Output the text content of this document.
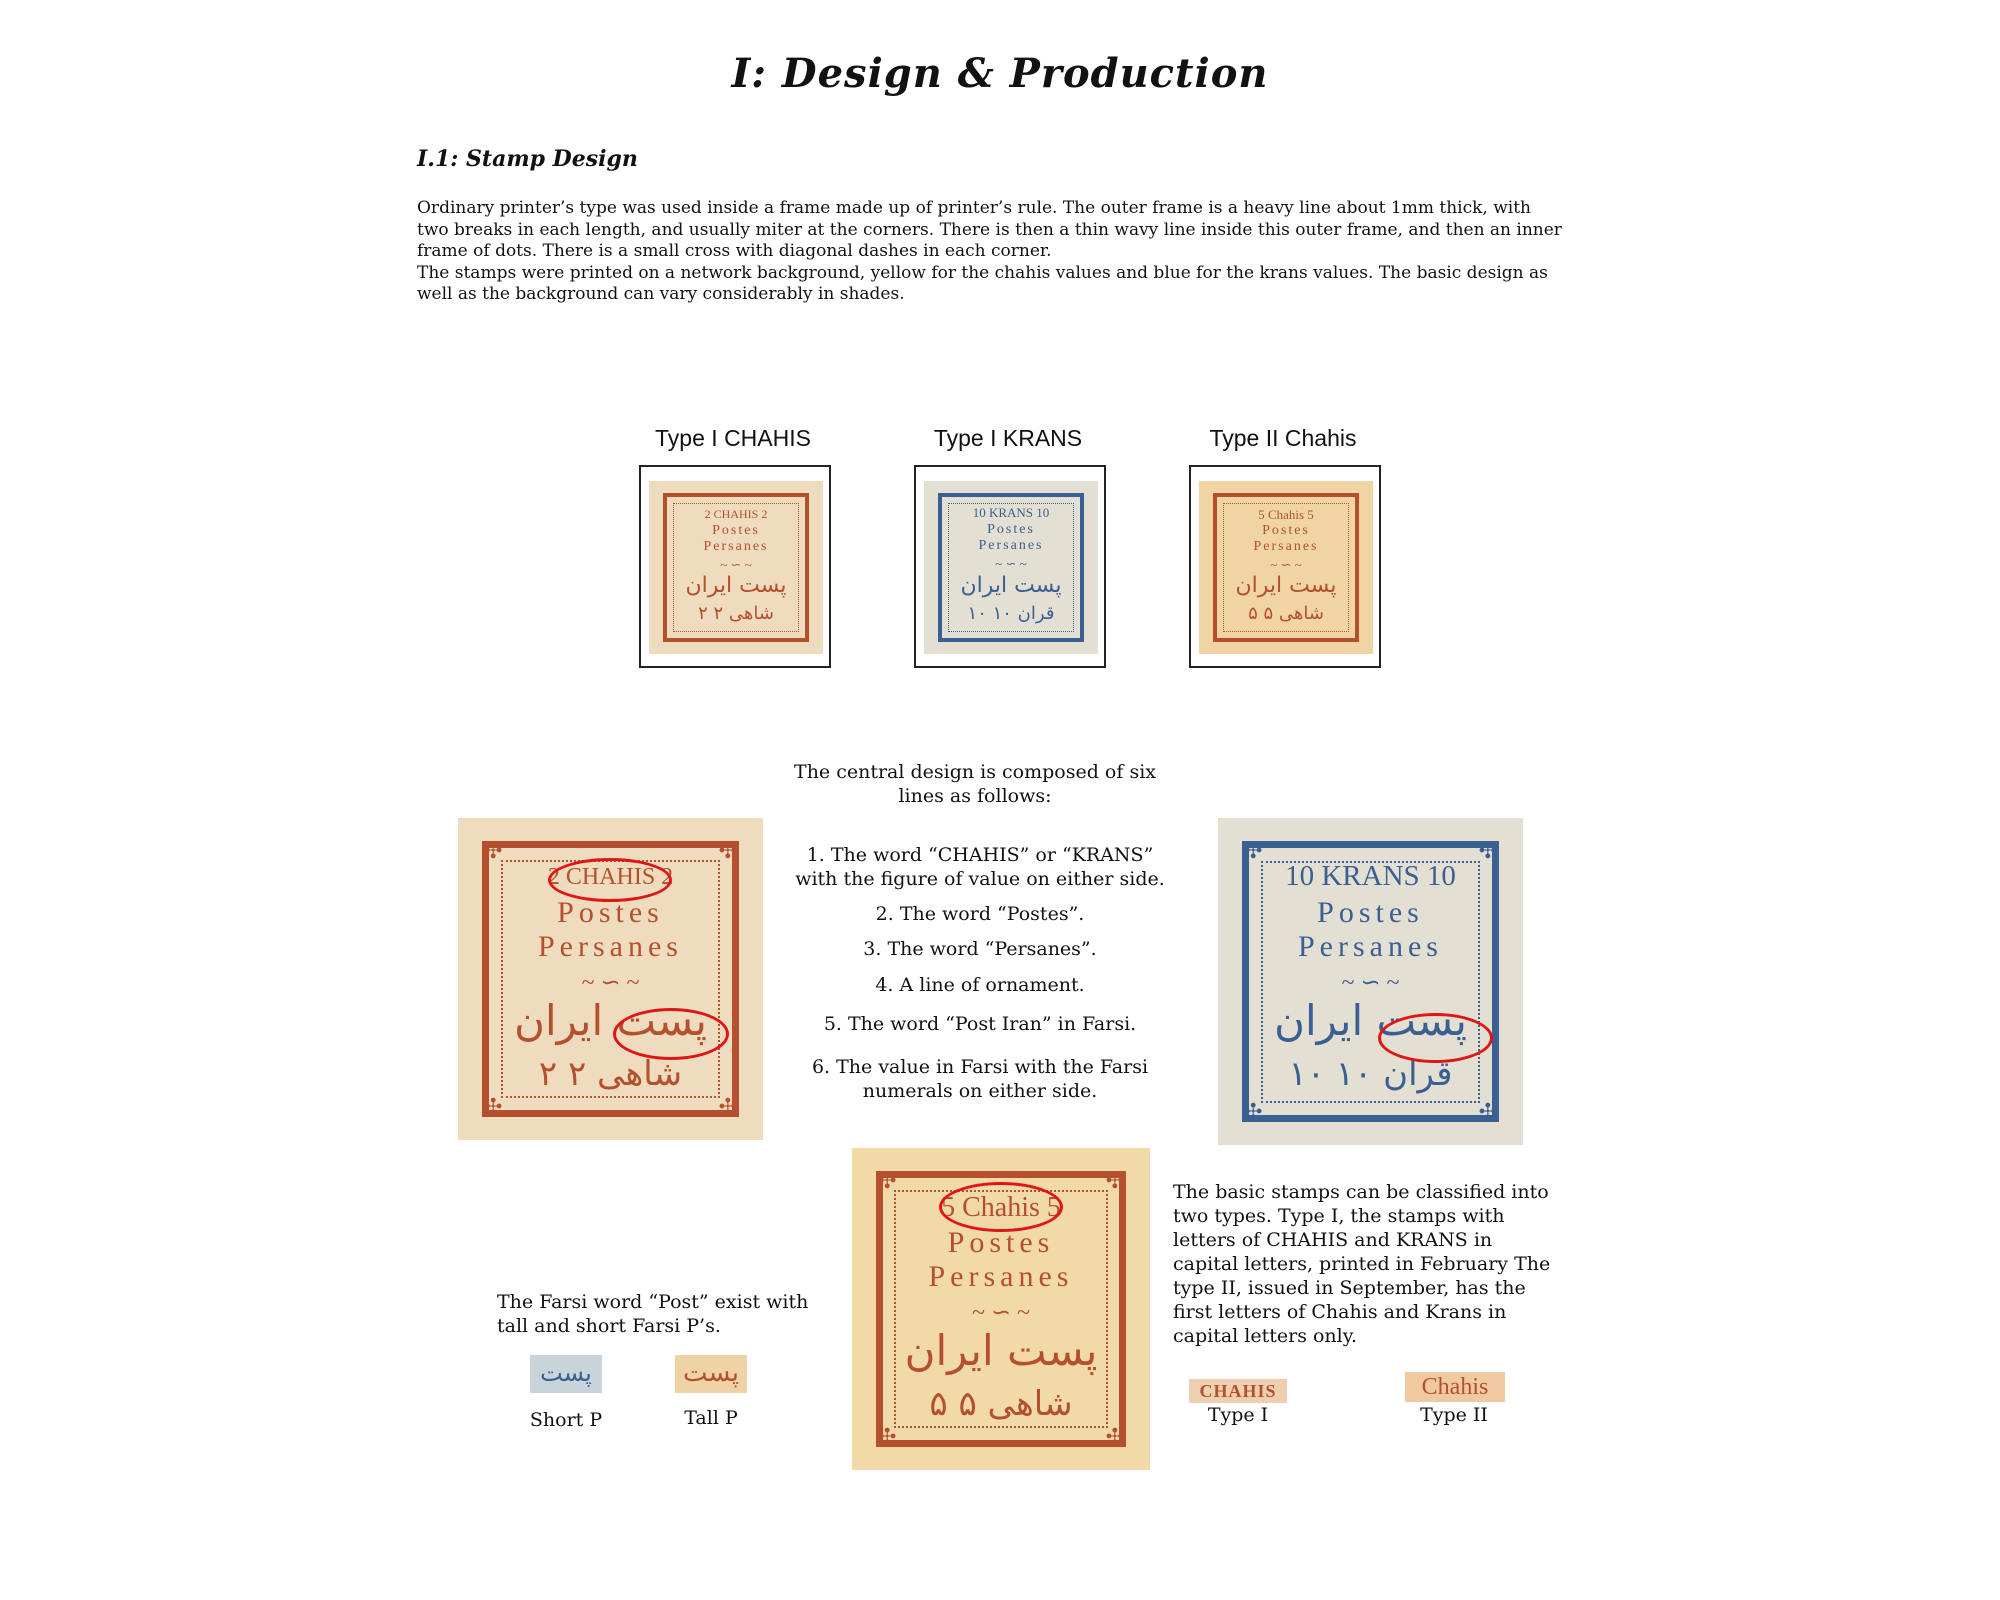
I: Design & Production
I.1: Stamp Design

Ordinary printer’s type was used inside a frame made up of printer’s rule. The outer frame is a heavy line about 1mm thick, with two breaks in each length, and usually miter at the corners. There is then a thin wavy line inside this outer frame, and then an inner frame of dots. There is a small cross with diagonal dashes in each corner.

The stamps were printed on a network background, yellow for the chahis values and blue for the krans values. The basic design as well as the background can vary considerably in shades.

Type I CHAHIS	Type I KRANS	Type II Chahis
2 CHAHIS 2
Postes
Persanes
~ ∽ ~
پست ایران
۲ شاهی ۲
10 KRANS 10
Postes
Persanes
~ ∽ ~
پست ایران
۱۰ قران ۱۰
5 Chahis 5
Postes
Persanes
~ ∽ ~
پست ایران
۵ شاهی ۵
The central design is composed of six lines as follows:
1. The word “CHAHIS” or “KRANS” with the figure of value on either side.
2. The word “Postes”.
3. The word “Persanes”.
4. A line of ornament.
5. The word “Post Iran” in Farsi.
6. The value in Farsi with the Farsi numerals on either side.
✣	✣
✣	✣
2 CHAHIS 2
Postes
Persanes
~ ∽ ~
پست ایران
۲ شاهی ۲
✣	✣
✣	✣
10 KRANS 10
Postes
Persanes
~ ∽ ~
پست ایران
۱۰ قران ۱۰
✣	✣
✣	✣
5 Chahis 5
Postes
Persanes
~ ∽ ~
پست ایران
۵ شاهی ۵
The Farsi word “Post” exist with tall and short Farsi P’s.
پست
Short P
پست
Tall P
The basic stamps can be classified into two types. Type I, the stamps with letters of CHAHIS and KRANS in capital letters, printed in February The type II, issued in September, has the first letters of Chahis and Krans in capital letters only.
CHAHIS
Type I
Chahis
Type II
